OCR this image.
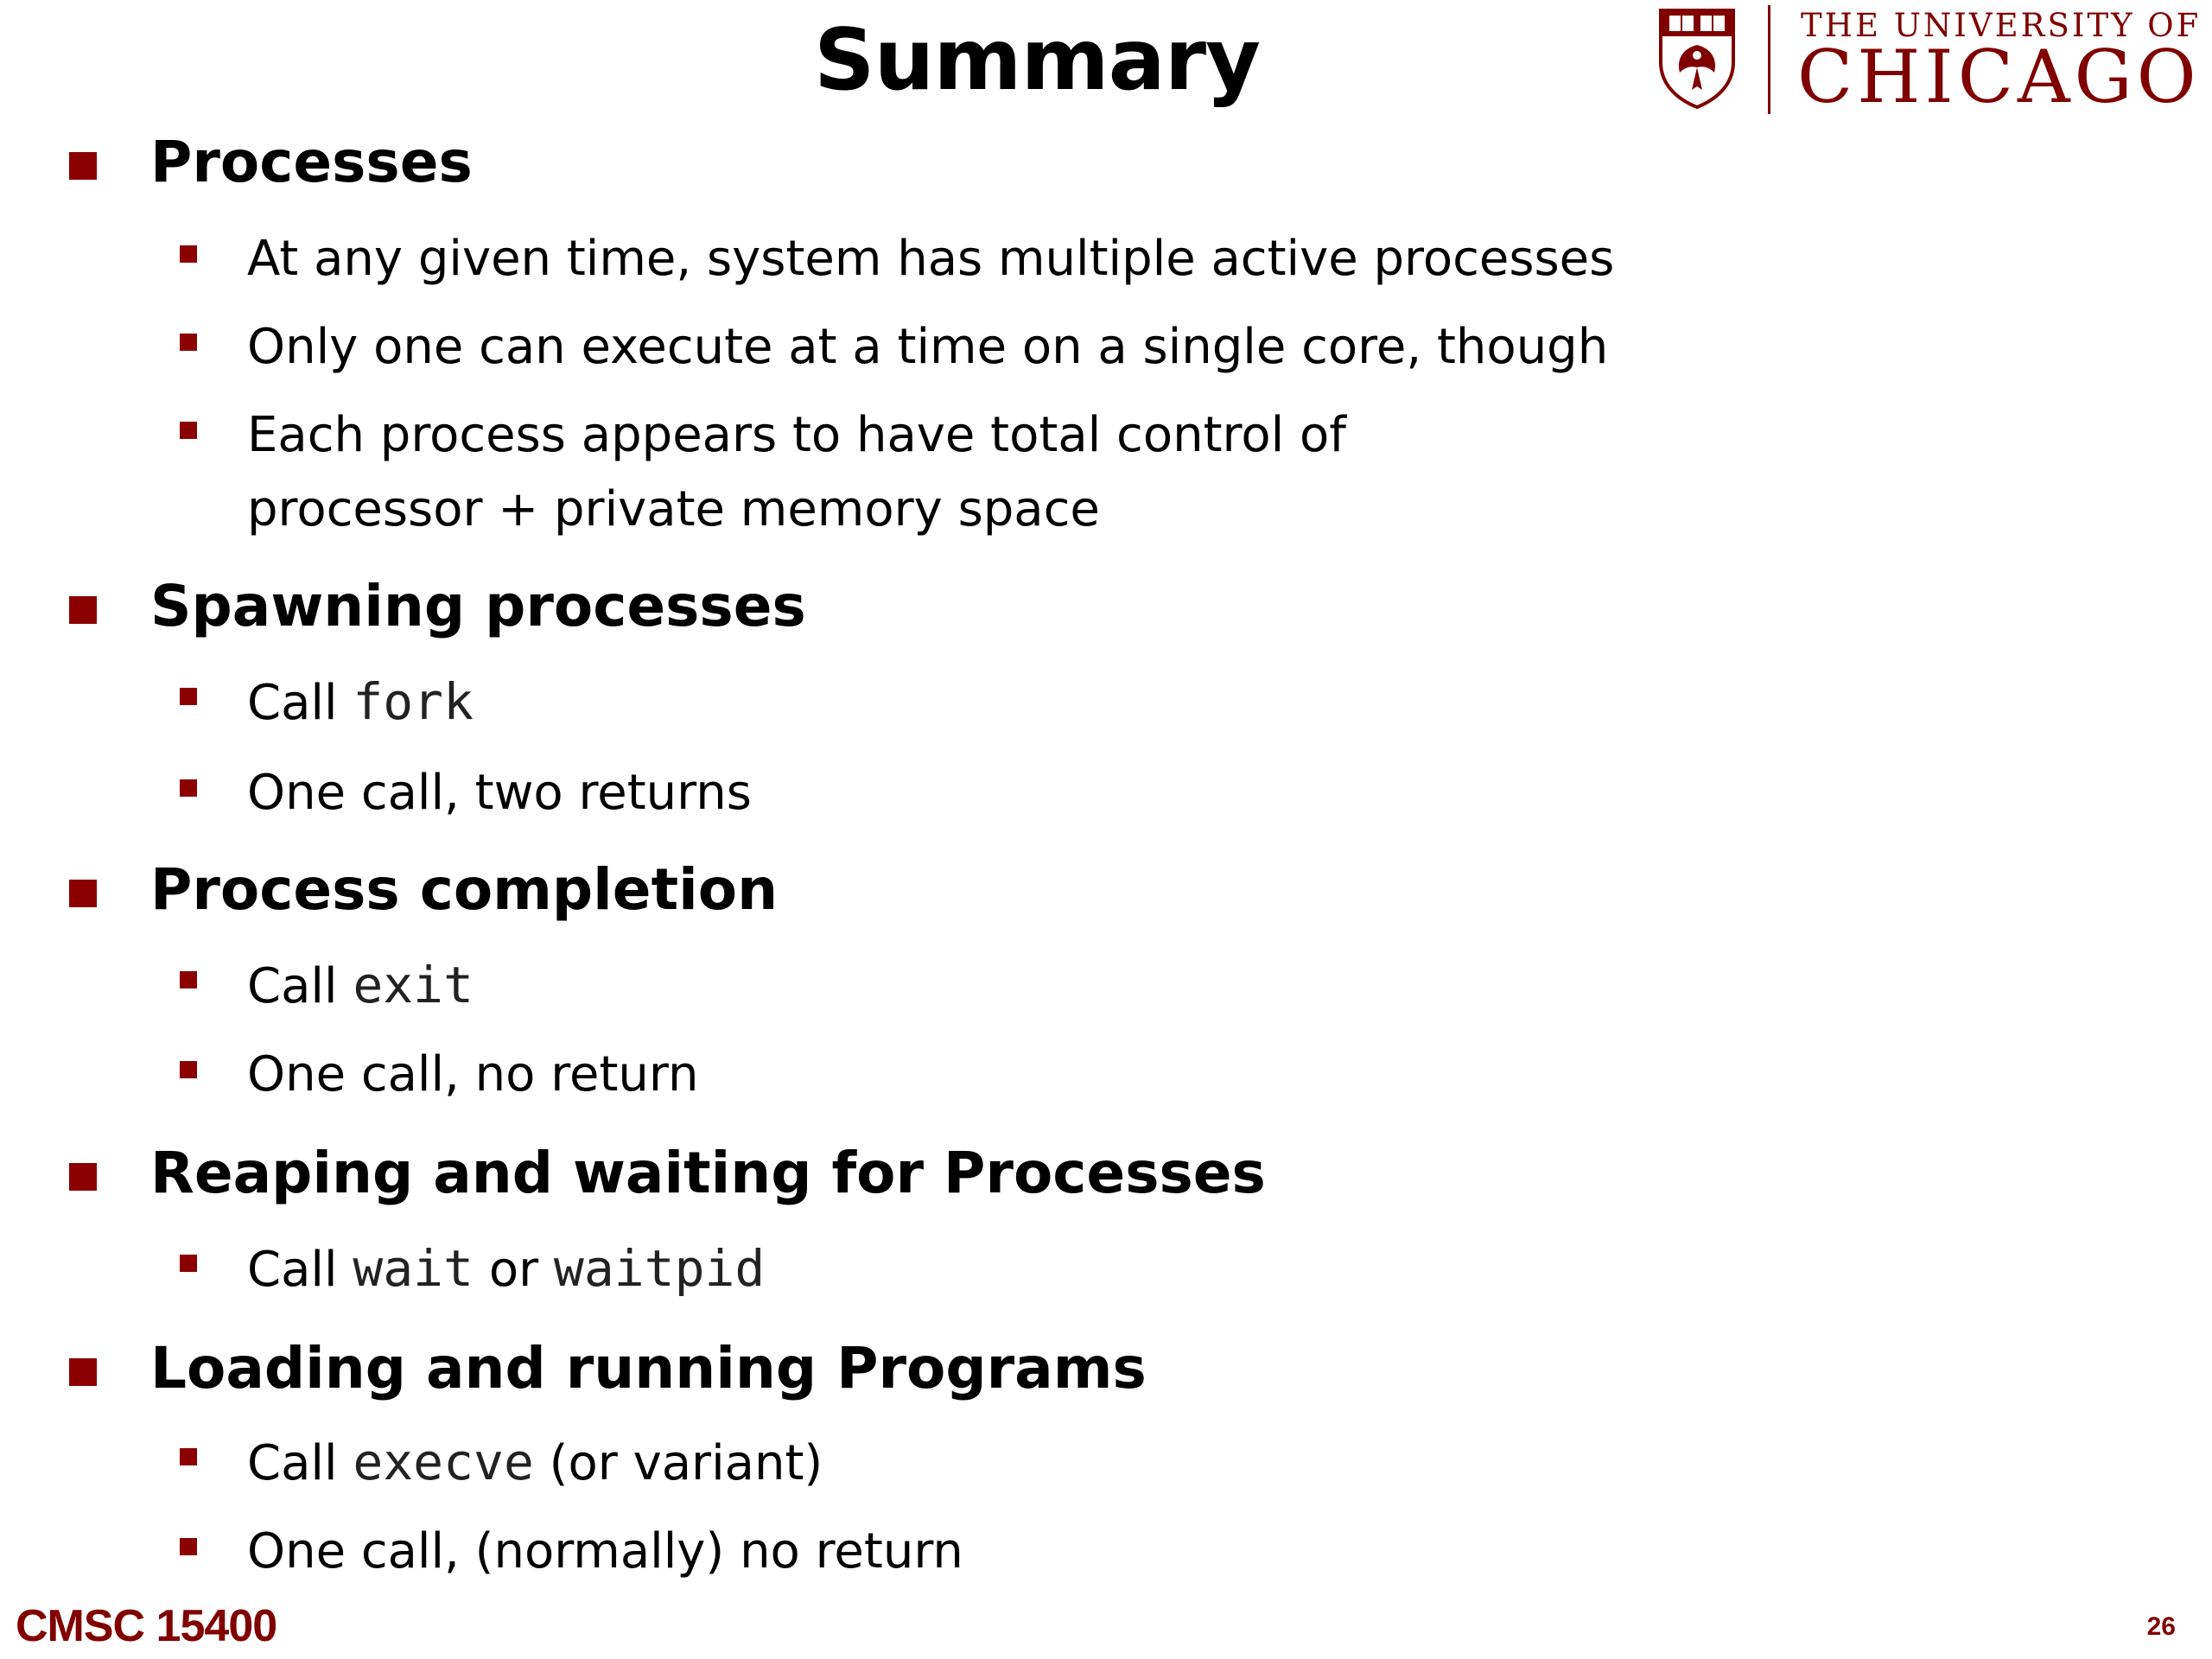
Summary	THE UNIVERSITY OF
CHICAGO
Processes
At any given time, system has multiple active processes
Only one can execute at a time on a single core, though
Each process appears to have total control of
processor + private memory space
Spawning processes
Call fork
One call, two returns
Process completion
Call exit
One call, no return
Reaping and waiting for Processes
Call wait or waitpid
Loading and running Programs
Call execve (or variant)
One call, (normally) no return
CMSC 15400	26
